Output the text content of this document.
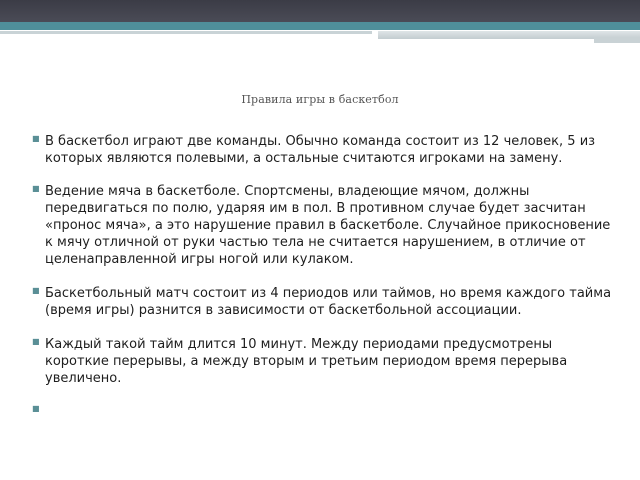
Правила игры в баскетбол

■ В баскетбол играют две команды. Обычно команда состоит из 12 человек, 5 из которых являются полевыми, а остальные считаются игроками на замену.

■ Ведение мяча в баскетболе. Спортсмены, владеющие мячом, должны передвигаться по полю, ударяя им в пол. В противном случае будет засчитан «пронос мяча», а это нарушение правил в баскетболе. Случайное прикосновение к мячу отличной от руки частью тела не считается нарушением, в отличие от целенаправленной игры ногой или кулаком.

■ Баскетбольный матч состоит из 4 периодов или таймов, но время каждого тайма (время игры) разнится в зависимости от баскетбольной ассоциации.

■ Каждый такой тайм длится 10 минут. Между периодами предусмотрены короткие перерывы, а между вторым и третьим периодом время перерыва увеличено.

■
